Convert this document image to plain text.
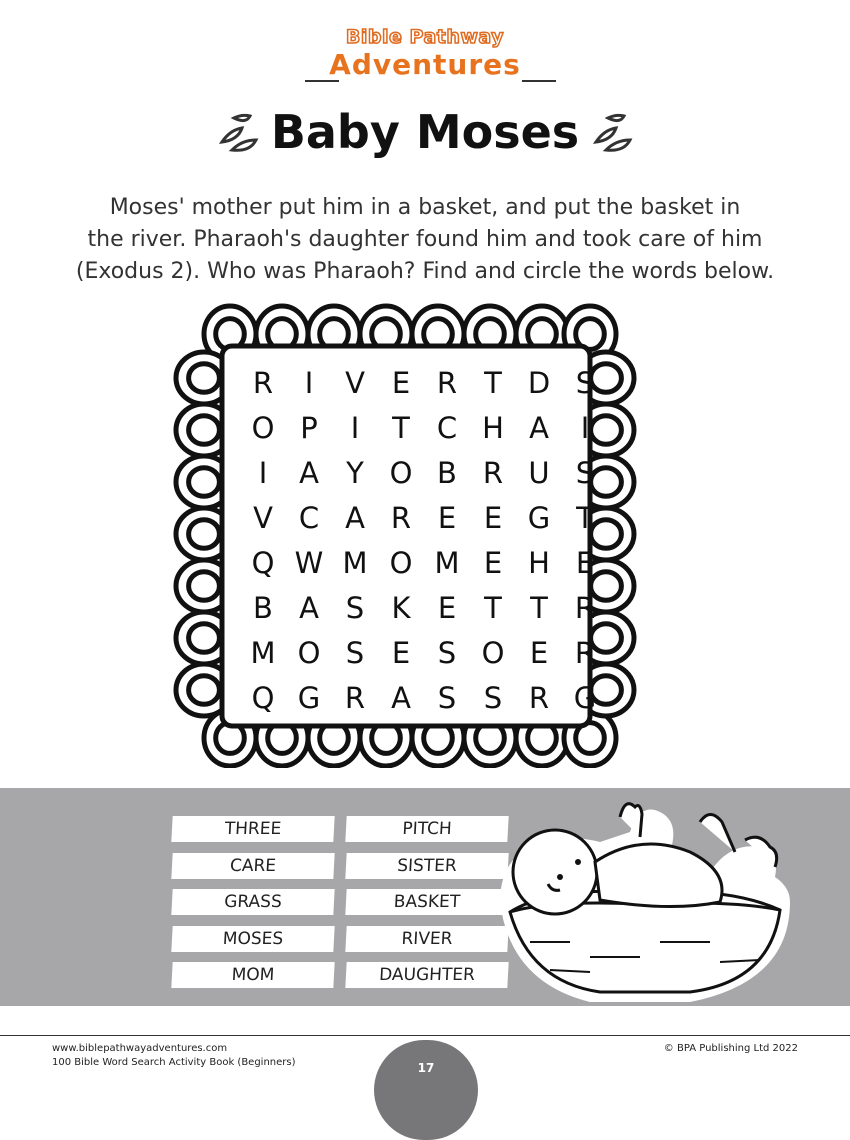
Bible Pathway
Adventures
Baby Moses
Moses' mother put him in a basket, and put the basket in
the river. Pharaoh's daughter found him and took care of him
(Exodus 2). Who was Pharaoh? Find and circle the words below.
R	I	V E R T D S
O P	I	T C H A	I
I	A Y O B R U S
V C A R E E G T
Q W M O M E H E
B A S K E T T R
M O S E S O E R
Q G R A S S R G
THREE	PITCH
CARE	SISTER
GRASS	BASKET
MOSES	RIVER
MOM	DAUGHTER
www.biblepathwayadventures.com
100 Bible Word Search Activity Book (Beginners)
© BPA Publishing Ltd 2022
17
